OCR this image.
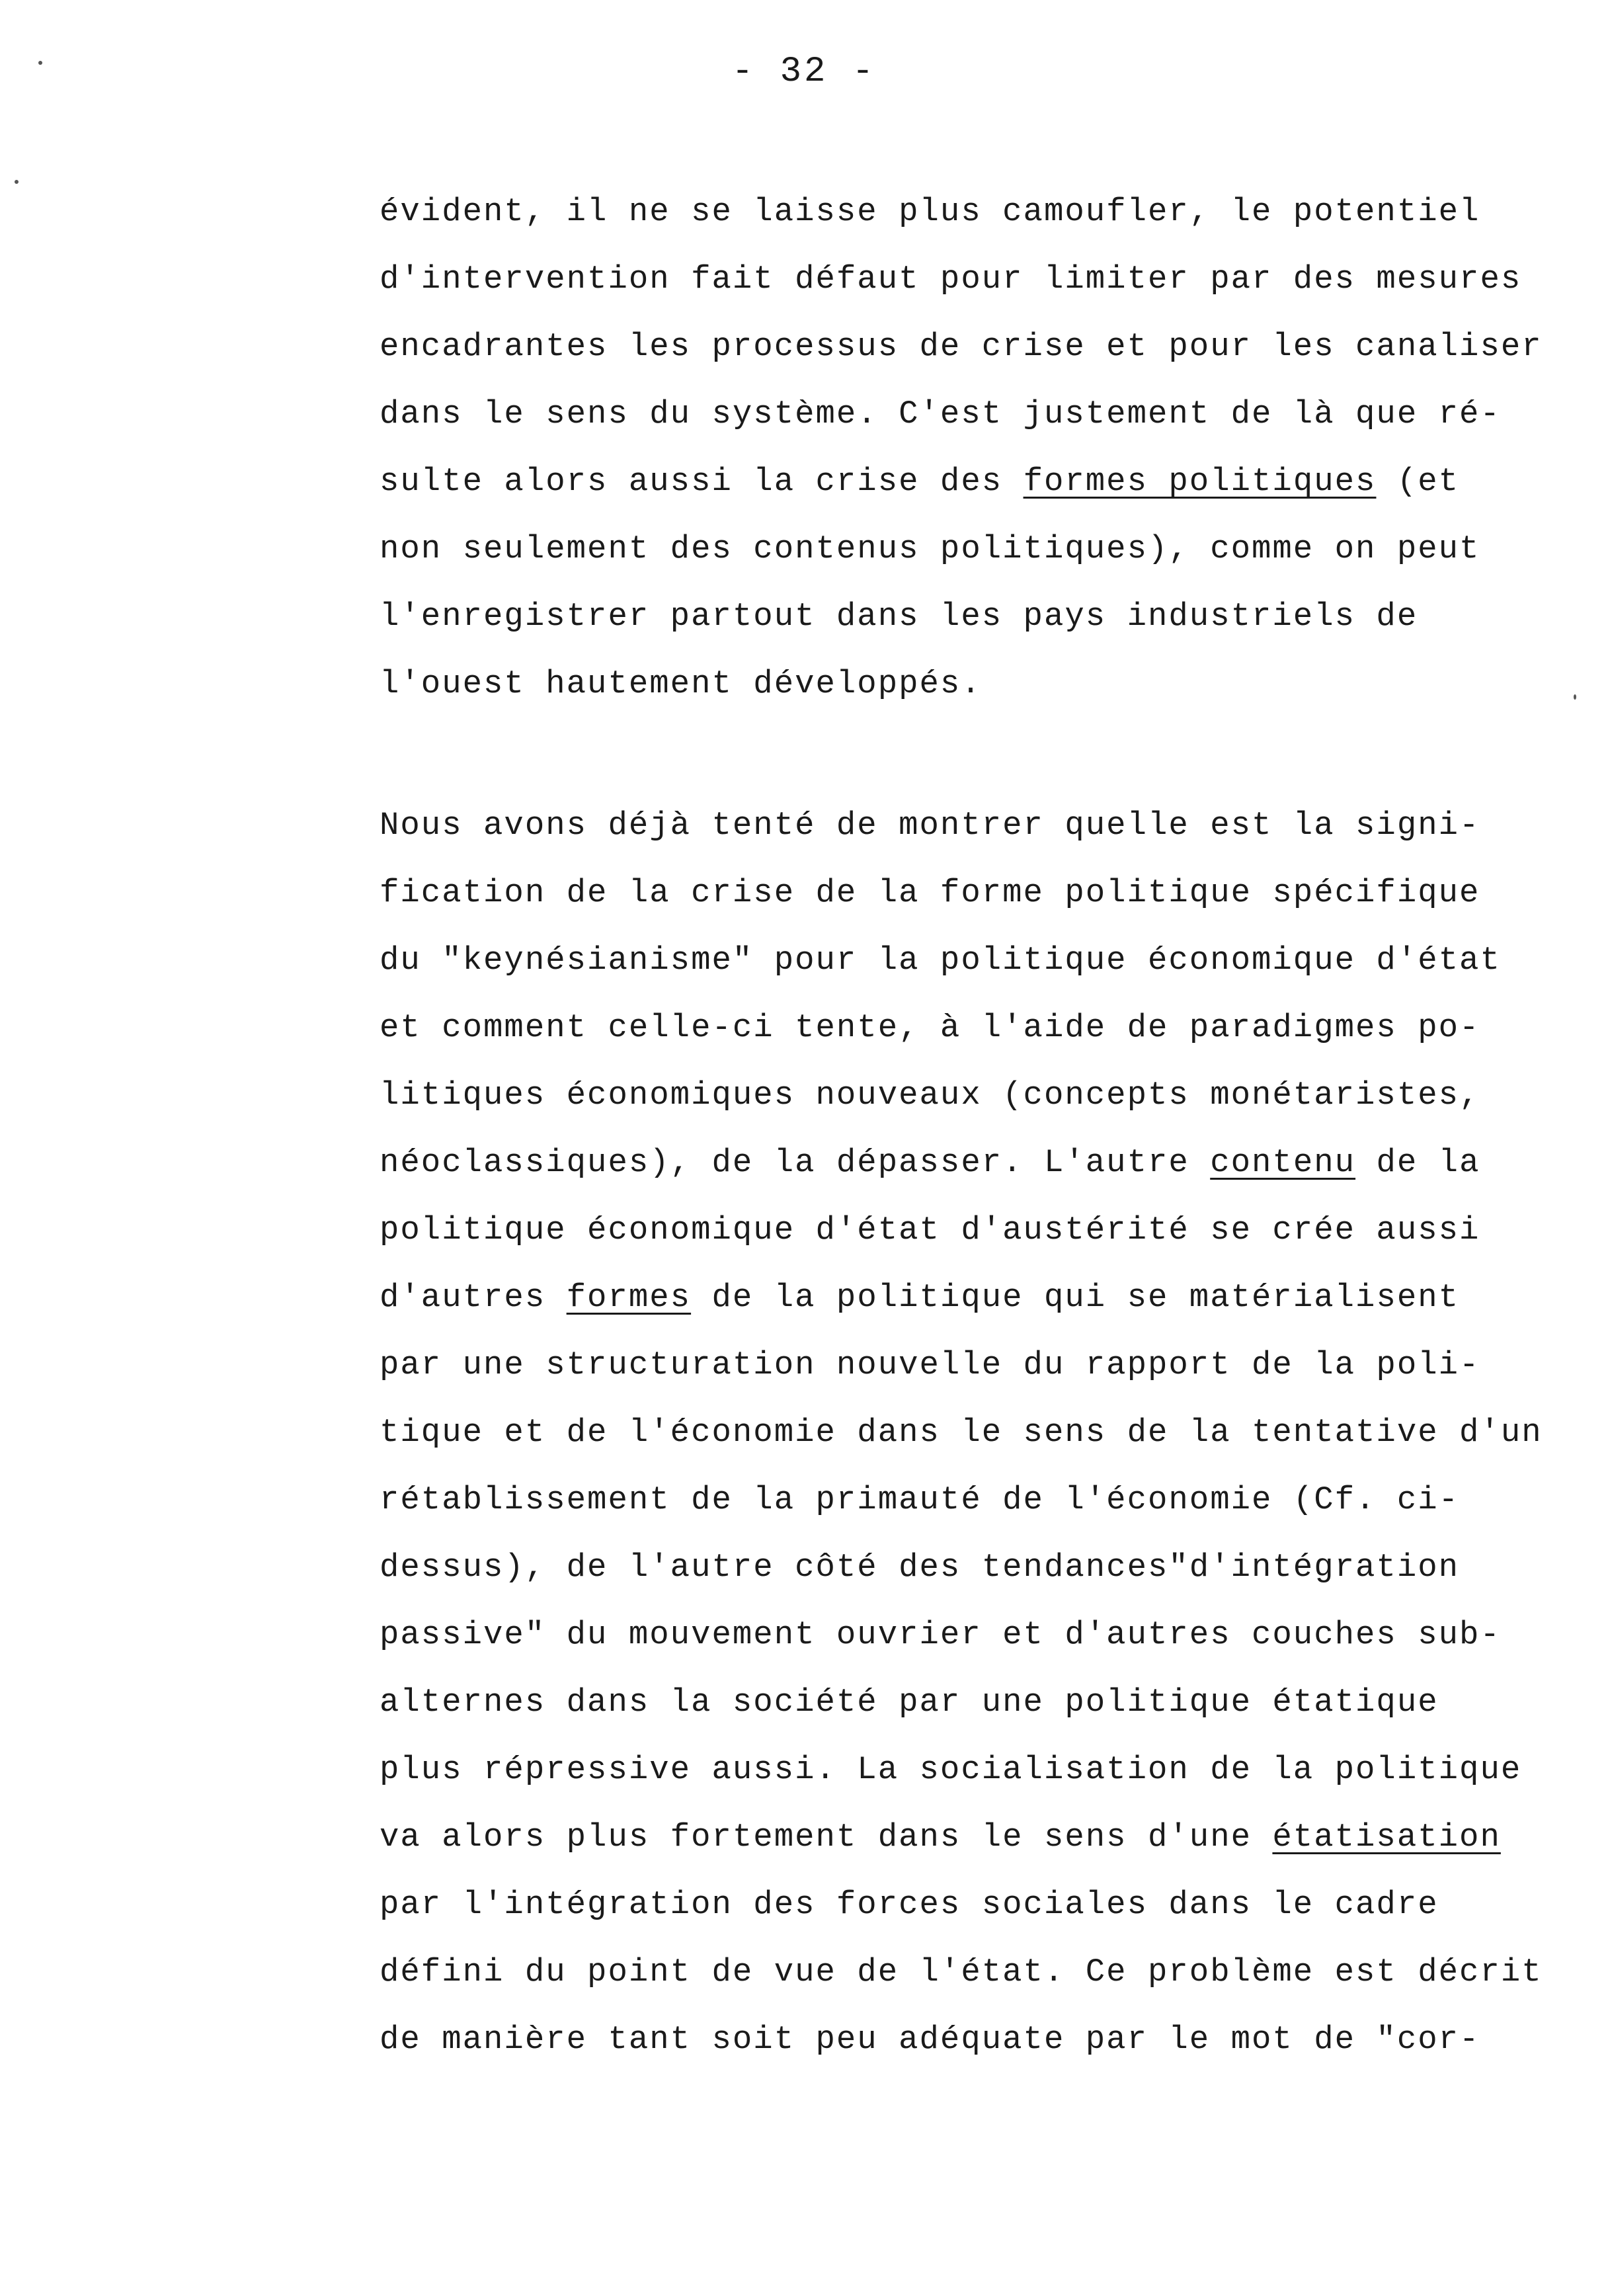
- 32 -
évident, il ne se laisse plus camoufler, le potentiel
d'intervention fait défaut pour limiter par des mesures
encadrantes les processus de crise et pour les canaliser
dans le sens du système. C'est justement de là que ré-
sulte alors aussi la crise des formes politiques (et
non seulement des contenus politiques), comme on peut
l'enregistrer partout dans les pays industriels de
l'ouest hautement développés.
Nous avons déjà tenté de montrer quelle est la signi-
fication de la crise de la forme politique spécifique
du "keynésianisme" pour la politique économique d'état
et comment celle-ci tente, à l'aide de paradigmes po-
litiques économiques nouveaux (concepts monétaristes,
néoclassiques), de la dépasser. L'autre contenu de la
politique économique d'état d'austérité se crée aussi
d'autres formes de la politique qui se matérialisent
par une structuration nouvelle du rapport de la poli-
tique et de l'économie dans le sens de la tentative d'un
rétablissement de la primauté de l'économie (Cf. ci-
dessus), de l'autre côté des tendances"d'intégration
passive" du mouvement ouvrier et d'autres couches sub-
alternes dans la société par une politique étatique
plus répressive aussi. La socialisation de la politique
va alors plus fortement dans le sens d'une étatisation
par l'intégration des forces sociales dans le cadre
défini du point de vue de l'état. Ce problème est décrit
de manière tant soit peu adéquate par le mot de "cor-
